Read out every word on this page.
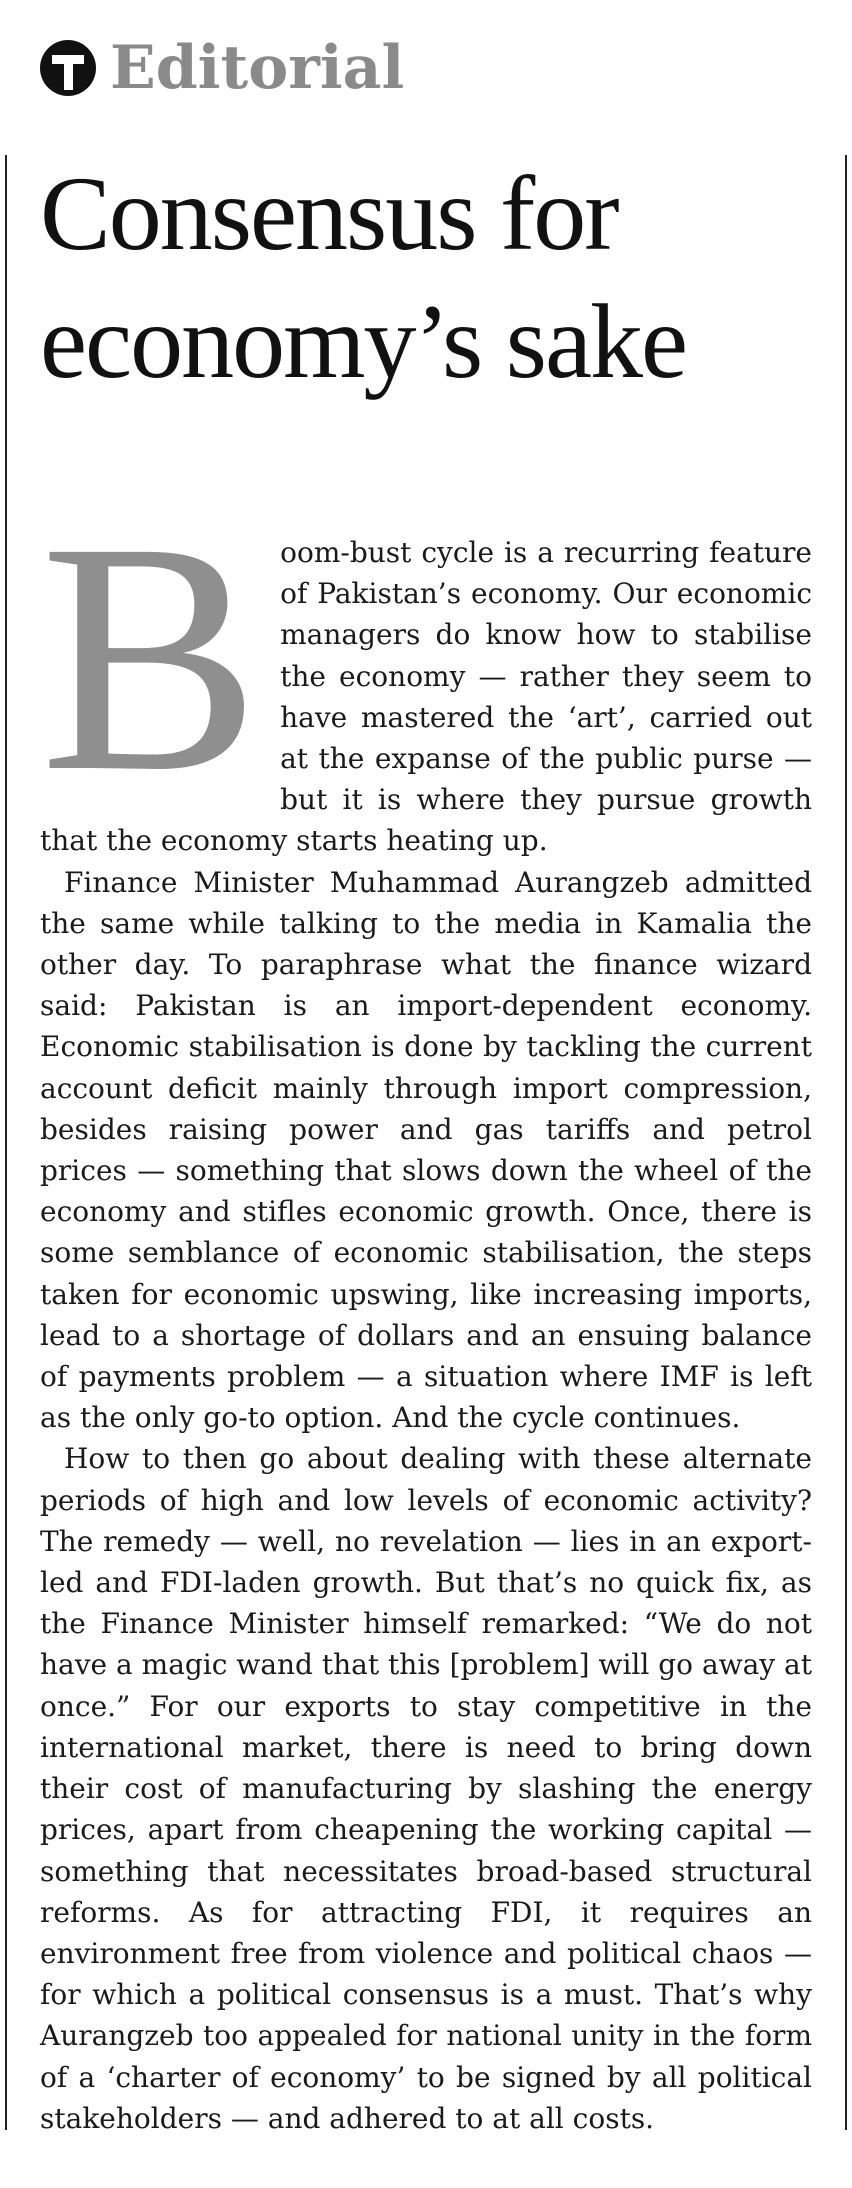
Editorial
Consensus for economy’s sake

Boom-bust cycle is a recurring feature of Pakistan’s economy. Our economic managers do know how to stabilise the economy — rather they seem to have mastered the ‘art’, carried out at the expanse of the public purse — but it is where they pursue growth that the economy starts heating up.

Finance Minister Muhammad Aurangzeb admitted the same while talking to the media in Kamalia the other day. To paraphrase what the finance wizard said: Pakistan is an import-dependent economy. Economic stabilisation is done by tackling the current account deficit mainly through import compression, besides raising power and gas tariffs and petrol prices — something that slows down the wheel of the economy and stifles economic growth. Once, there is some semblance of economic stabilisation, the steps taken for economic upswing, like increasing imports, lead to a shortage of dollars and an ensuing balance of payments problem — a situation where IMF is left as the only go-to option. And the cycle continues.

How to then go about dealing with these alternate periods of high and low levels of economic activity? The remedy — well, no revelation — lies in an export-led and FDI-laden growth. But that’s no quick fix, as the Finance Minister himself remarked: “We do not have a magic wand that this [problem] will go away at once.” For our exports to stay competitive in the international market, there is need to bring down their cost of manufacturing by slashing the energy prices, apart from cheapening the working capital — something that necessitates broad-based structural reforms. As for attracting FDI, it requires an environment free from violence and political chaos — for which a political consensus is a must. That’s why Aurangzeb too appealed for national unity in the form of a ‘charter of economy’ to be signed by all political stakeholders — and adhered to at all costs.
